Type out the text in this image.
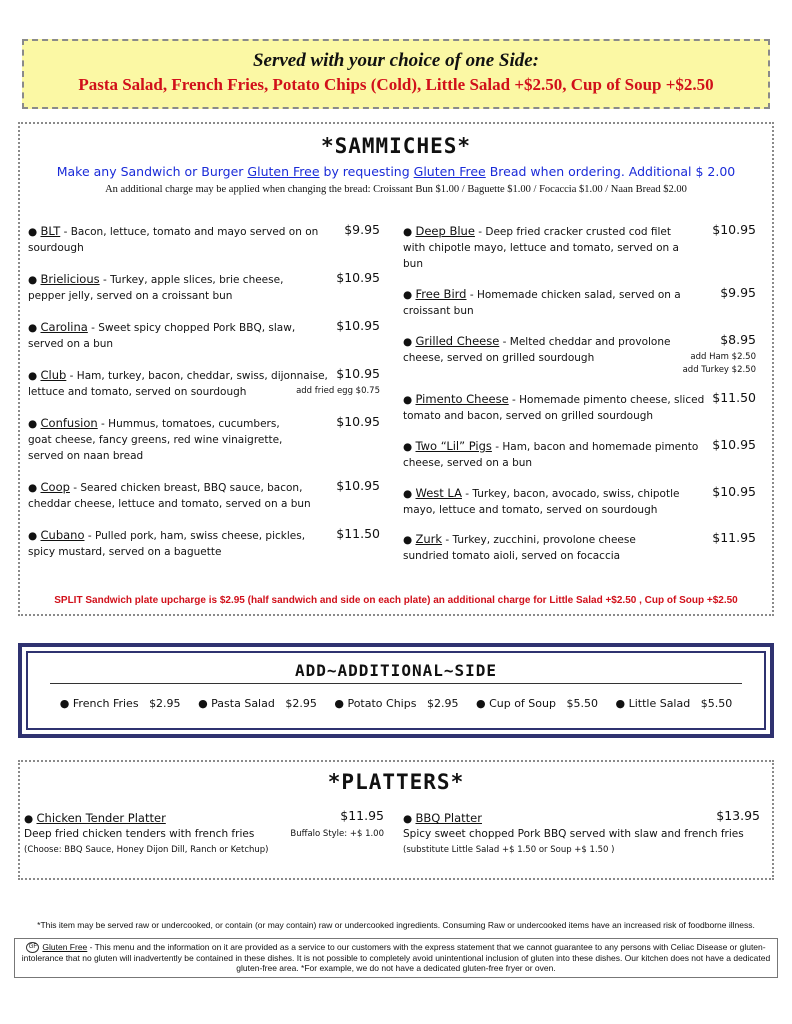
Served with your choice of one Side:
Pasta Salad, French Fries, Potato Chips (Cold), Little Salad +$2.50, Cup of Soup +$2.50
*SAMMICHES*
Make any Sandwich or Burger Gluten Free by requesting Gluten Free Bread when ordering. Additional $ 2.00
An additional charge may be applied when changing the bread: Croissant Bun $1.00 / Baguette $1.00 / Focaccia $1.00 / Naan Bread $2.00
● BLT - Bacon, lettuce, tomato and mayo served on on sourdough
$9.95
● Brielicious - Turkey, apple slices, brie cheese, pepper jelly, served on a croissant bun
$10.95
● Carolina - Sweet spicy chopped Pork BBQ, slaw, served on a bun
$10.95
● Club - Ham, turkey, bacon, cheddar, swiss, dijonnaise, lettuce and tomato, served on sourdough
$10.95
add fried egg $0.75
● Confusion - Hummus, tomatoes, cucumbers, goat cheese, fancy greens, red wine vinaigrette, served on naan bread
$10.95
● Coop - Seared chicken breast, BBQ sauce, bacon, cheddar cheese, lettuce and tomato, served on a bun
$10.95
● Cubano - Pulled pork, ham, swiss cheese, pickles, spicy mustard, served on a baguette
$11.50
● Deep Blue - Deep fried cracker crusted cod filet with chipotle mayo, lettuce and tomato, served on a bun
$10.95
● Free Bird - Homemade chicken salad, served on a croissant bun
$9.95
● Grilled Cheese - Melted cheddar and provolone cheese, served on grilled sourdough
$8.95
add Ham $2.50
add Turkey $2.50
● Pimento Cheese - Homemade pimento cheese, sliced tomato and bacon, served on grilled sourdough
$11.50
● Two “Lil” Pigs - Ham, bacon and homemade pimento cheese, served on a bun
$10.95
● West LA - Turkey, bacon, avocado, swiss, chipotle mayo, lettuce and tomato, served on sourdough
$10.95
● Zurk - Turkey, zucchini, provolone cheese sundried tomato aioli, served on focaccia
$11.95
SPLIT Sandwich plate upcharge is $2.95 (half sandwich and side on each plate) an additional charge for Little Salad +$2.50 , Cup of Soup +$2.50
ADD~ADDITIONAL~SIDE
● French Fries $2.95 ● Pasta Salad $2.95 ● Potato Chips $2.95 ● Cup of Soup $5.50 ● Little Salad $5.50
*PLATTERS*
● Chicken Tender Platter	$11.95
Deep fried chicken tenders with french fries	Buffalo Style: +$ 1.00
(Choose: BBQ Sauce, Honey Dijon Dill, Ranch or Ketchup)
● BBQ Platter	$13.95
Spicy sweet chopped Pork BBQ served with slaw and french fries
(substitute Little Salad +$ 1.50 or Soup +$ 1.50 )
*This item may be served raw or undercooked, or contain (or may contain) raw or undercooked ingredients. Consuming Raw or undercooked items have an increased risk of foodborne illness.
GF Gluten Free - This menu and the information on it are provided as a service to our customers with the express statement that we cannot guarantee to any persons with Celiac Disease or gluten-intolerance that no gluten will inadvertently be contained in these dishes. It is not possible to completely avoid unintentional inclusion of gluten into these dishes. Our kitchen does not have a dedicated gluten-free area. *For example, we do not have a dedicated gluten-free fryer or oven.
